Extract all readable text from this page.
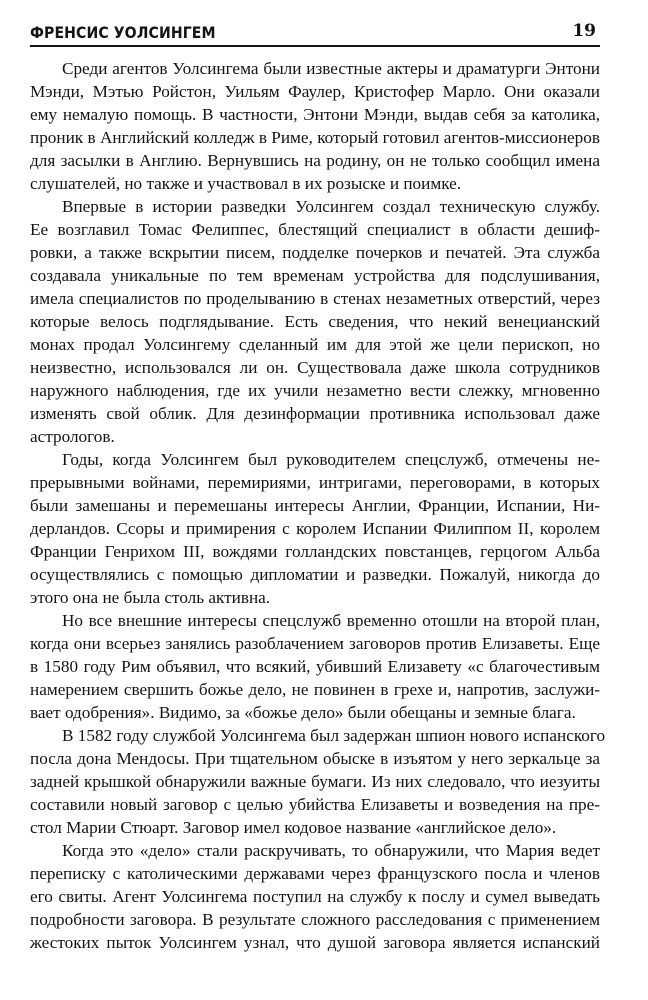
ФРЕНСИС УОЛСИНГЕМ	19
Среди агентов Уолсингема были известные актеры и драматурги Энтони
Мэнди, Мэтью Ройстон, Уильям Фаулер, Кристофер Марло. Они оказали
ему немалую помощь. В частности, Энтони Мэнди, выдав себя за католика,
проник в Английский колледж в Риме, который готовил агентов-миссионеров
для засылки в Англию. Вернувшись на родину, он не только сообщил имена
слушателей, но также и участвовал в их розыске и поимке.
Впервые в истории разведки Уолсингем создал техническую службу.
Ее возглавил Томас Фелиппес, блестящий специалист в области дешиф-
ровки, а также вскрытии писем, подделке почерков и печатей. Эта служба
создавала уникальные по тем временам устройства для подслушивания,
имела специалистов по проделыванию в стенах незаметных отверстий, через
которые велось подглядывание. Есть сведения, что некий венецианский
монах продал Уолсингему сделанный им для этой же цели перископ, но
неизвестно, использовался ли он. Существовала даже школа сотрудников
наружного наблюдения, где их учили незаметно вести слежку, мгновенно
изменять свой облик. Для дезинформации противника использовал даже
астрологов.
Годы, когда Уолсингем был руководителем спецслужб, отмечены не-
прерывными войнами, перемириями, интригами, переговорами, в которых
были замешаны и перемешаны интересы Англии, Франции, Испании, Ни-
дерландов. Ссоры и примирения с королем Испании Филиппом II, королем
Франции Генрихом III, вождями голландских повстанцев, герцогом Альба
осуществлялись с помощью дипломатии и разведки. Пожалуй, никогда до
этого она не была столь активна.
Но все внешние интересы спецслужб временно отошли на второй план,
когда они всерьез занялись разоблачением заговоров против Елизаветы. Еще
в 1580 году Рим объявил, что всякий, убивший Елизавету «с благочестивым
намерением свершить божье дело, не повинен в грехе и, напротив, заслужи-
вает одобрения». Видимо, за «божье дело» были обещаны и земные блага.
В 1582 году службой Уолсингема был задержан шпион нового испанского
посла дона Мендосы. При тщательном обыске в изъятом у него зеркальце за
задней крышкой обнаружили важные бумаги. Из них следовало, что иезуиты
составили новый заговор с целью убийства Елизаветы и возведения на пре-
стол Марии Стюарт. Заговор имел кодовое название «английское дело».
Когда это «дело» стали раскручивать, то обнаружили, что Мария ведет
переписку с католическими державами через французского посла и членов
его свиты. Агент Уолсингема поступил на службу к послу и сумел выведать
подробности заговора. В результате сложного расследования с применением
жестоких пыток Уолсингем узнал, что душой заговора является испанский
